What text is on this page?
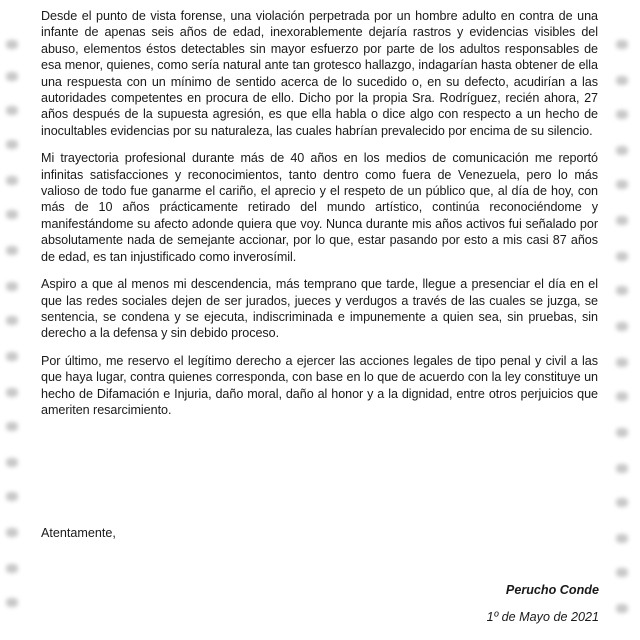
Desde el punto de vista forense, una violación perpetrada por un hombre adulto en contra de una infante de apenas seis años de edad, inexorablemente dejaría rastros y evidencias visibles del abuso, elementos éstos detectables sin mayor esfuerzo por parte de los adultos responsables de esa menor, quienes, como sería natural ante tan grotesco hallazgo, indagarían hasta obtener de ella una respuesta con un mínimo de sentido acerca de lo sucedido o, en su defecto, acudirían a las autoridades competentes en procura de ello. Dicho por la propia Sra. Rodríguez, recién ahora, 27 años después de la supuesta agresión, es que ella habla o dice algo con respecto a un hecho de inocultables evidencias por su naturaleza, las cuales habrían prevalecido por encima de su silencio.

Mi trayectoria profesional durante más de 40 años en los medios de comunicación me reportó infinitas satisfacciones y reconocimientos, tanto dentro como fuera de Venezuela, pero lo más valioso de todo fue ganarme el cariño, el aprecio y el respeto de un público que, al día de hoy, con más de 10 años prácticamente retirado del mundo artístico, continúa reconociéndome y manifestándome su afecto adonde quiera que voy. Nunca durante mis años activos fui señalado por absolutamente nada de semejante accionar, por lo que, estar pasando por esto a mis casi 87 años de edad, es tan injustificado como inverosímil.

Aspiro a que al menos mi descendencia, más temprano que tarde, llegue a presenciar el día en el que las redes sociales dejen de ser jurados, jueces y verdugos a través de las cuales se juzga, se sentencia, se condena y se ejecuta, indiscriminada e impunemente a quien sea, sin pruebas, sin derecho a la defensa y sin debido proceso.

Por último, me reservo el legítimo derecho a ejercer las acciones legales de tipo penal y civil a las que haya lugar, contra quienes corresponda, con base en lo que de acuerdo con la ley constituye un hecho de Difamación e Injuria, daño moral, daño al honor y a la dignidad, entre otros perjuicios que ameriten resarcimiento.

Atentamente,
Perucho Conde
1º de Mayo de 2021
